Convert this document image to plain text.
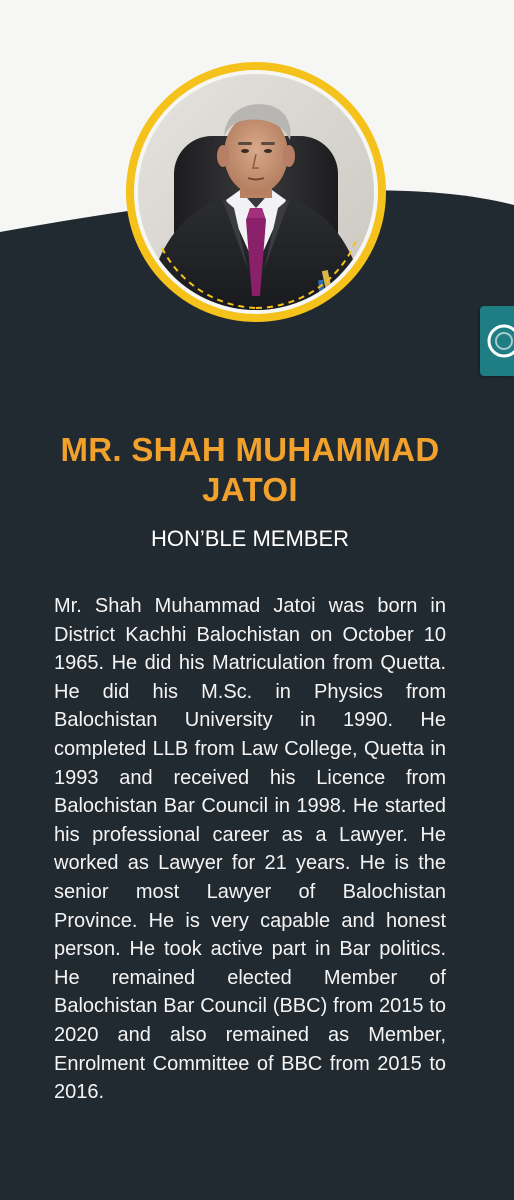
MR. SHAH MUHAMMAD JATOI
HON’BLE MEMBER

Mr. Shah Muhammad Jatoi was born in District Kachhi Balochistan on October 10 1965. He did his Matriculation from Quetta. He did his M.Sc. in Physics from Balochistan University in 1990. He completed LLB from Law College, Quetta in 1993 and received his Licence from Balochistan Bar Council in 1998. He started his professional career as a Lawyer. He worked as Lawyer for 21 years. He is the senior most Lawyer of Balochistan Province. He is very capable and honest person. He took active part in Bar politics. He remained elected Member of Balochistan Bar Council (BBC) from 2015 to 2020 and also remained as Member, Enrolment Committee of BBC from 2015 to 2016.
